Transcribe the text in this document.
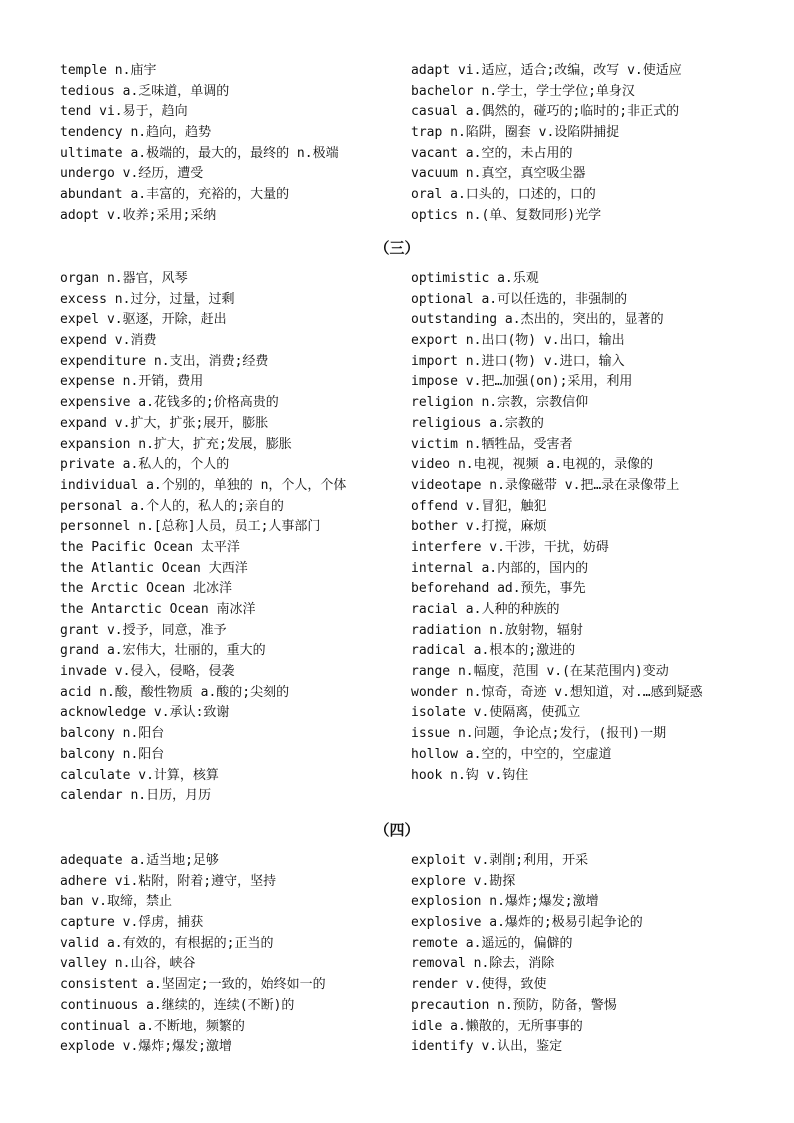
temple n.庙宇
tedious a.乏味道，单调的
tend vi.易于，趋向
tendency n.趋向，趋势
ultimate a.极端的，最大的，最终的 n.极端
undergo v.经历，遭受
abundant a.丰富的，充裕的，大量的
adopt v.收养;采用;采纳
adapt vi.适应，适合;改编，改写 v.使适应
bachelor n.学士，学士学位;单身汉
casual a.偶然的，碰巧的;临时的;非正式的
trap n.陷阱，圈套 v.设陷阱捕捉
vacant a.空的，未占用的
vacuum n.真空，真空吸尘器
oral a.口头的，口述的，口的
optics n.(单、复数同形)光学
（三）
organ n.器官，风琴
excess n.过分，过量，过剩
expel v.驱逐，开除，赶出
expend v.消费
expenditure n.支出，消费;经费
expense n.开销，费用
expensive a.花钱多的;价格高贵的
expand v.扩大，扩张;展开，膨胀
expansion n.扩大，扩充;发展，膨胀
private a.私人的，个人的
individual a.个别的，单独的 n，个人，个体
personal a.个人的，私人的;亲自的
personnel n.[总称]人员，员工;人事部门
the Pacific Ocean 太平洋
the Atlantic Ocean 大西洋
the Arctic Ocean 北冰洋
the Antarctic Ocean 南冰洋
grant v.授予，同意，准予
grand a.宏伟大，壮丽的，重大的
invade v.侵入，侵略，侵袭
acid n.酸，酸性物质 a.酸的;尖刻的
acknowledge v.承认:致谢
balcony n.阳台
balcony n.阳台
calculate v.计算，核算
calendar n.日历，月历
optimistic a.乐观
optional a.可以任选的，非强制的
outstanding a.杰出的，突出的，显著的
export n.出口(物) v.出口，输出
import n.进口(物) v.进口，输入
impose v.把…加强(on);采用，利用
religion n.宗教，宗教信仰
religious a.宗教的
victim n.牺牲品，受害者
video n.电视，视频 a.电视的，录像的
videotape n.录像磁带 v.把…录在录像带上
offend v.冒犯，触犯
bother v.打搅，麻烦
interfere v.干涉，干扰，妨碍
internal a.内部的，国内的
beforehand ad.预先，事先
racial a.人种的种族的
radiation n.放射物，辐射
radical a.根本的;激进的
range n.幅度，范围 v.(在某范围内)变动
wonder n.惊奇，奇迹 v.想知道，对.…感到疑惑
isolate v.使隔离，使孤立
issue n.问题，争论点;发行，(报刊)一期
hollow a.空的，中空的，空虚道
hook n.钩 v.钩住
（四）
adequate a.适当地;足够
adhere vi.粘附，附着;遵守，坚持
ban v.取缔，禁止
capture v.俘虏，捕获
valid a.有效的，有根据的;正当的
valley n.山谷，峡谷
consistent a.坚固定;一致的，始终如一的
continuous a.继续的，连续(不断)的
continual a.不断地，频繁的
explode v.爆炸;爆发;激增
exploit v.剥削;利用，开采
explore v.勘探
explosion n.爆炸;爆发;激增
explosive a.爆炸的;极易引起争论的
remote a.遥远的，偏僻的
removal n.除去，消除
render v.使得，致使
precaution n.预防，防备，警惕
idle a.懒散的，无所事事的
identify v.认出，鉴定
